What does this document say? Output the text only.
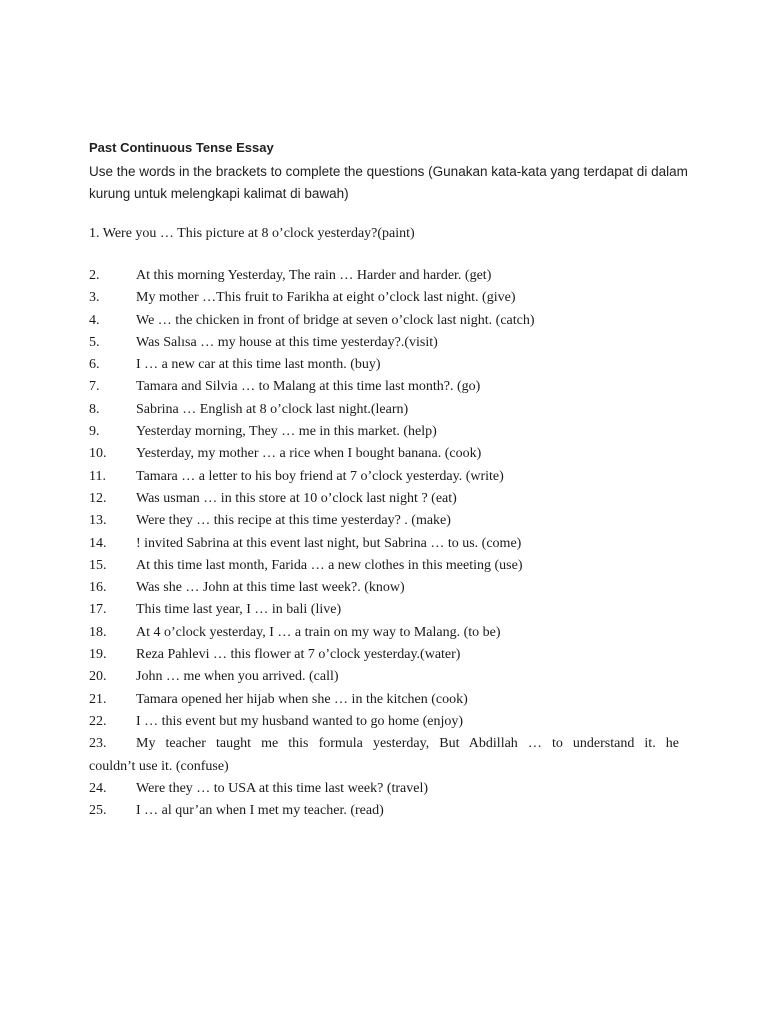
Past Continuous Tense Essay
Use the words in the brackets to complete the questions (Gunakan kata-kata yang terdapat di dalam kurung untuk melengkapi kalimat di bawah)
1. Were you … This picture at 8 o’clock yesterday?(paint)
2.	At this morning Yesterday, The rain … Harder and harder. (get)
3.	My mother …This fruit to Farikha at eight o’clock last night. (give)
4.	We … the chicken in front of bridge at seven o’clock last night. (catch)
5.	Was Salısa … my house at this time yesterday?.(visit)
6.	I … a new car at this time last month. (buy)
7.	Tamara and Silvia … to Malang at this time last month?. (go)
8.	Sabrina … English at 8 o’clock last night.(learn)
9.	Yesterday morning, They … me in this market. (help)
10.	Yesterday, my mother … a rice when I bought banana. (cook)
11.	Tamara … a letter to his boy friend at 7 o’clock yesterday. (write)
12.	Was usman … in this store at 10 o’clock last night ? (eat)
13.	Were they … this recipe at this time yesterday? . (make)
14.	! invited Sabrina at this event last night, but Sabrina … to us. (come)
15.	At this time last month, Farida … a new clothes in this meeting (use)
16.	Was she … John at this time last week?. (know)
17.	This time last year, I … in bali (live)
18.	At 4 o’clock yesterday, I … a train on my way to Malang. (to be)
19.	Reza Pahlevi … this flower at 7 o’clock yesterday.(water)
20.	John … me when you arrived. (call)
21.	Tamara opened her hijab when she … in the kitchen (cook)
22.	I … this event but my husband wanted to go home (enjoy)
23. My teacher taught me this formula yesterday, But Abdillah … to understand it. he
couldn’t use it. (confuse)
24.	Were they … to USA at this time last week? (travel)
25.	I … al qur’an when I met my teacher. (read)
